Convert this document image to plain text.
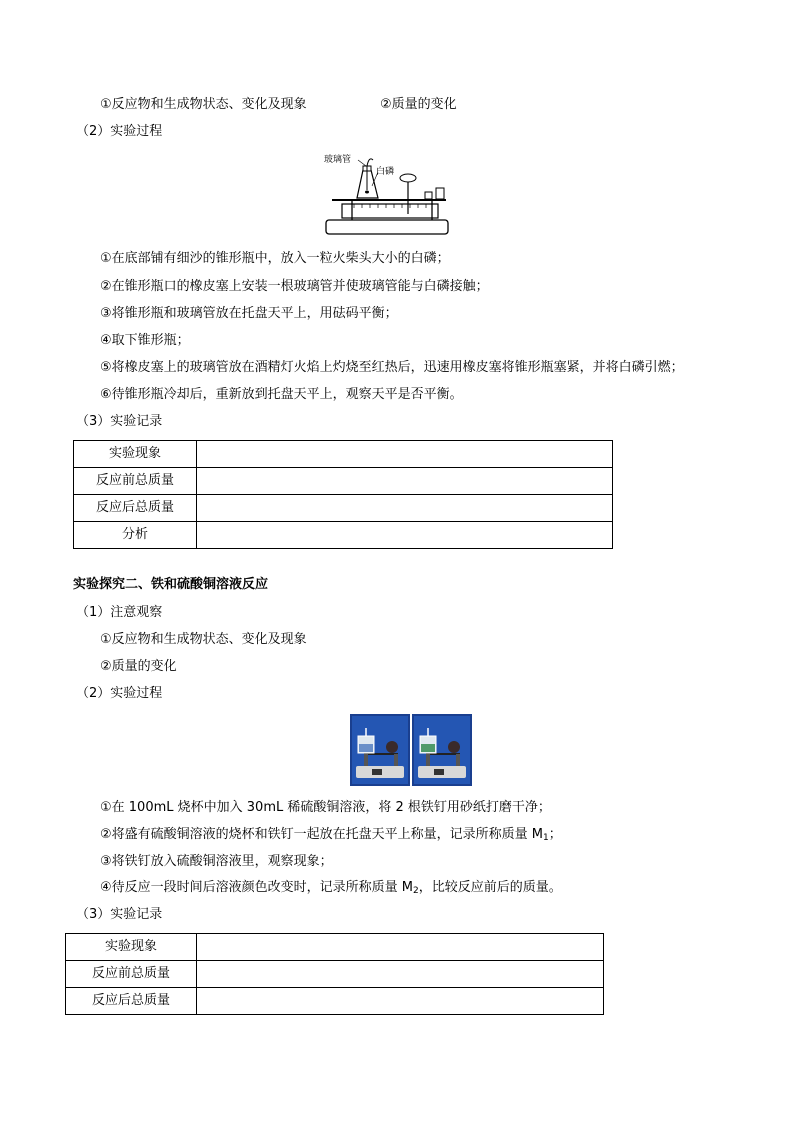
①反应物和生成物状态、变化及现象	②质量的变化
（2）实验过程
玻璃管
白磷
①在底部铺有细沙的锥形瓶中，放入一粒火柴头大小的白磷；
②在锥形瓶口的橡皮塞上安装一根玻璃管并使玻璃管能与白磷接触；
③将锥形瓶和玻璃管放在托盘天平上，用砝码平衡；
④取下锥形瓶；
⑤将橡皮塞上的玻璃管放在酒精灯火焰上灼烧至红热后，迅速用橡皮塞将锥形瓶塞紧，并将白磷引燃；
⑥待锥形瓶冷却后，重新放到托盘天平上，观察天平是否平衡。
（3）实验记录
实验现象	
反应前总质量	
反应后总质量	
分析	
实验探究二、铁和硫酸铜溶液反应
（1）注意观察
①反应物和生成物状态、变化及现象
②质量的变化
（2）实验过程
①在 100mL 烧杯中加入 30mL 稀硫酸铜溶液，将 2 根铁钉用砂纸打磨干净；
②将盛有硫酸铜溶液的烧杯和铁钉一起放在托盘天平上称量，记录所称质量 $M_1$；
③将铁钉放入硫酸铜溶液里，观察现象；
④待反应一段时间后溶液颜色改变时，记录所称质量 $M_2$，比较反应前后的质量。
（3）实验记录
实验现象	
反应前总质量	
反应后总质量	
